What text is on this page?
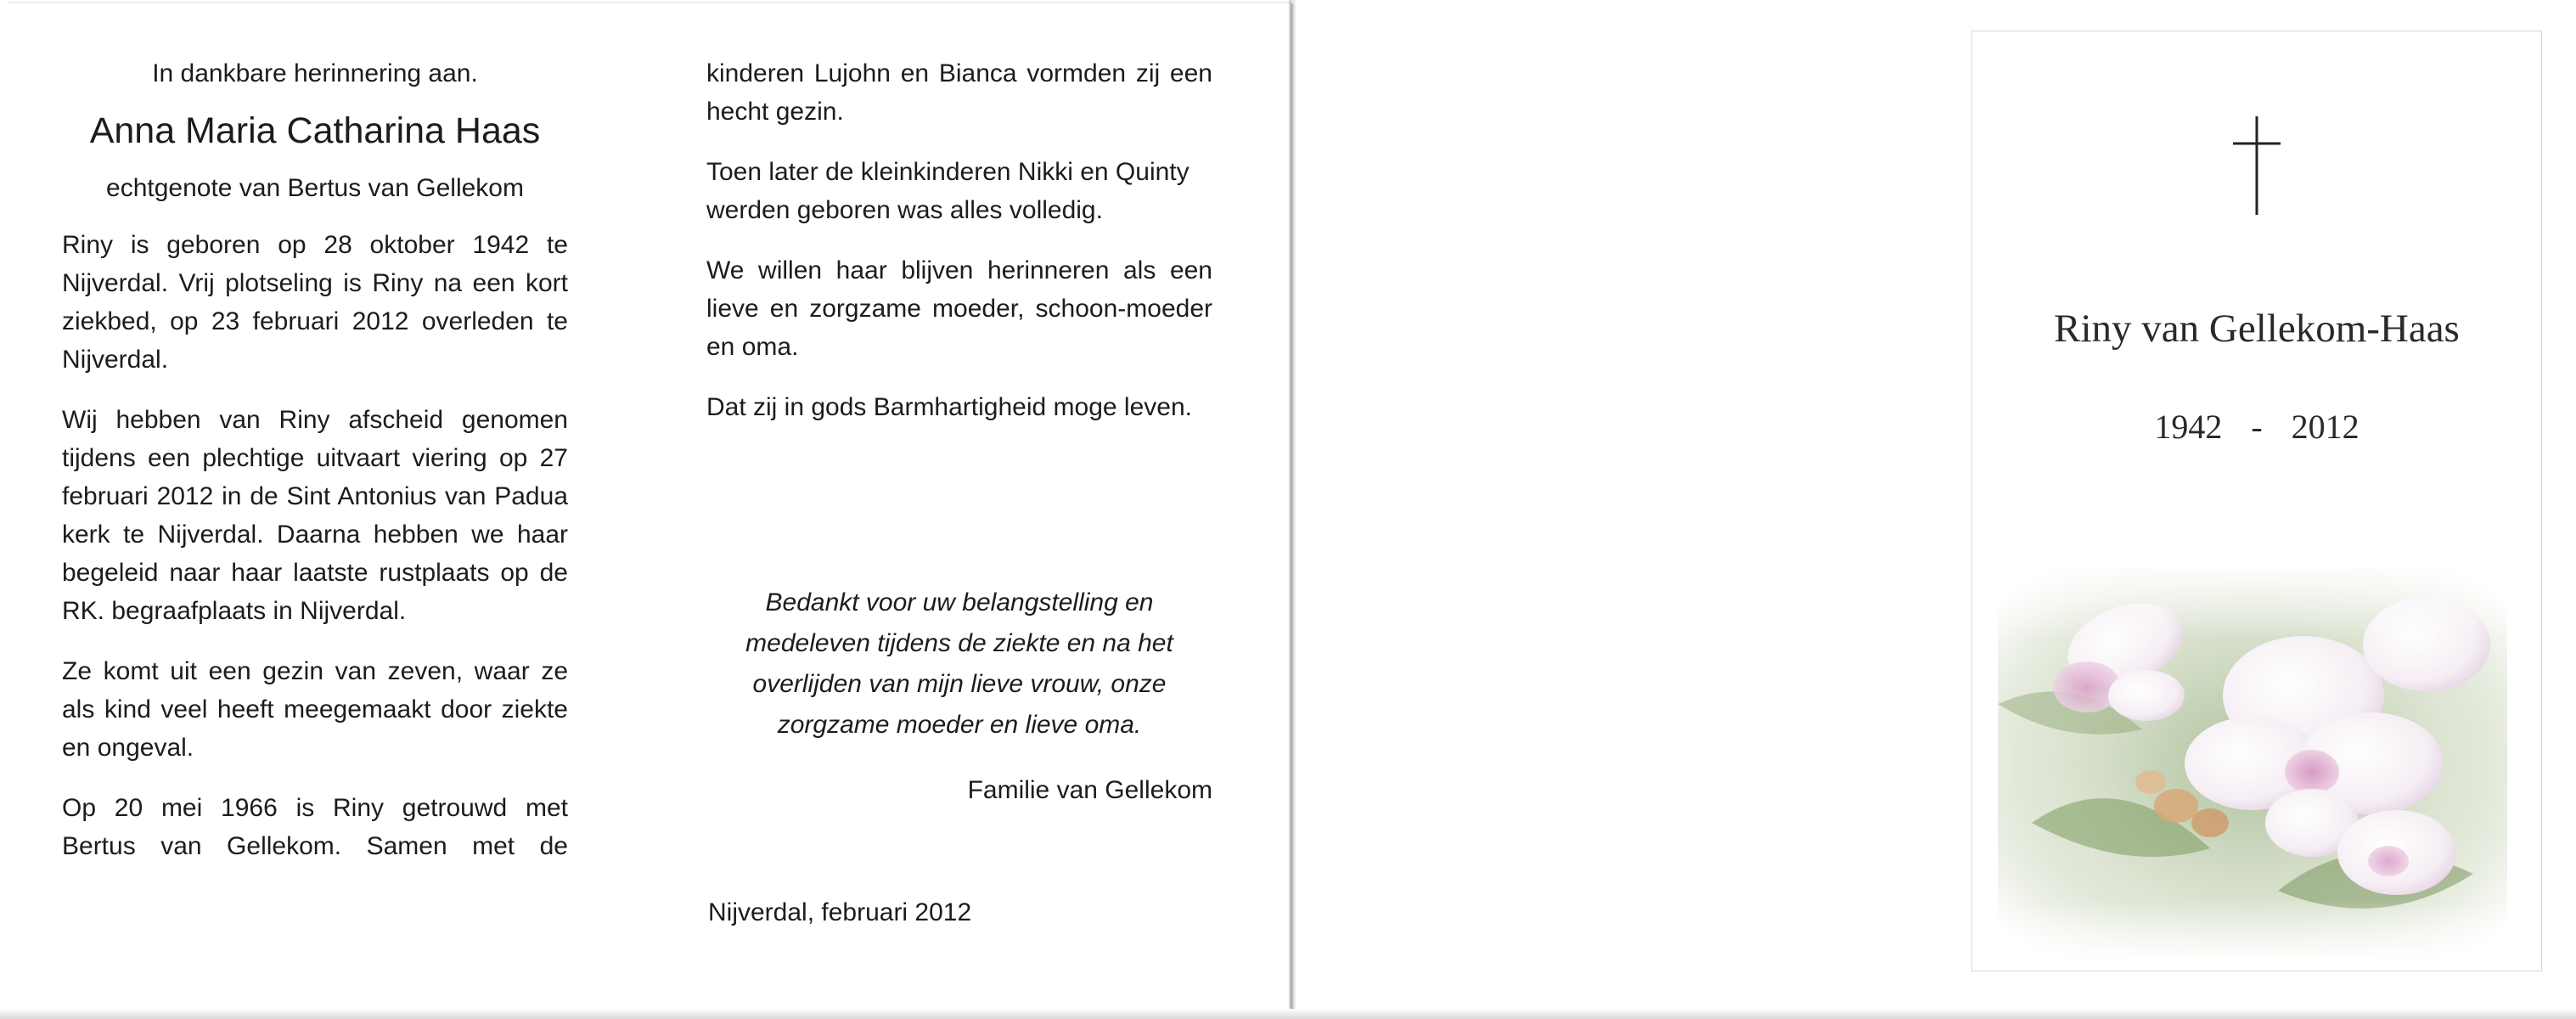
In dankbare herinnering aan.

Anna Maria Catharina Haas

echtgenote van Bertus van Gellekom

Riny is geboren op 28 oktober 1942 te Nijverdal. Vrij plotseling is Riny na een kort ziekbed, op 23 februari 2012 overleden te Nijverdal.

Wij hebben van Riny afscheid genomen tijdens een plechtige uitvaart viering op 27 februari 2012 in de Sint Antonius van Padua kerk te Nijverdal. Daarna hebben we haar begeleid naar haar laatste rustplaats op de RK. begraafplaats in Nijverdal.

Ze komt uit een gezin van zeven, waar ze als kind veel heeft meegemaakt door ziekte en ongeval.

Op 20 mei 1966 is Riny getrouwd met Bertus van Gellekom. Samen met de

kinderen Lujohn en Bianca vormden zij een hecht gezin.

Toen later de kleinkinderen Nikki en Quinty werden geboren was alles volledig.

We willen haar blijven herinneren als een lieve en zorgzame moeder, schoon-moeder en oma.

Dat zij in gods Barmhartigheid moge leven.

Bedankt voor uw belangstelling en medeleven tijdens de ziekte en na het overlijden van mijn lieve vrouw, onze zorgzame moeder en lieve oma.

Familie van Gellekom

Nijverdal, februari 2012

Riny van Gellekom-Haas
1942 - 2012
